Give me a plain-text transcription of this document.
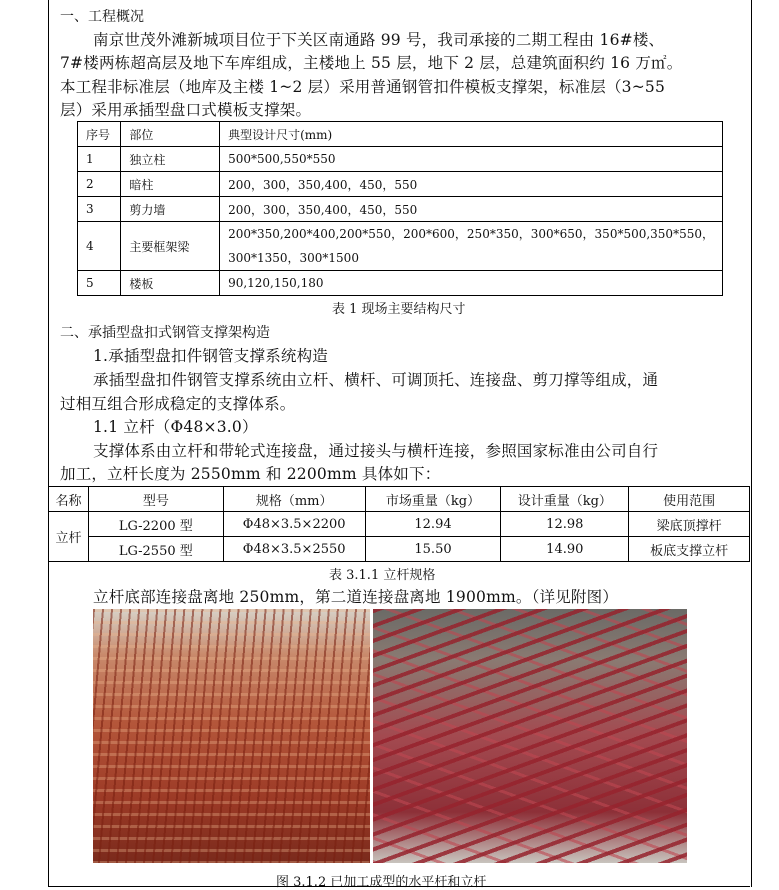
一、工程概况
南京世茂外滩新城项目位于下关区南通路 99 号，我司承接的二期工程由 16#楼、
7#楼两栋超高层及地下车库组成，主楼地上 55 层，地下 2 层，总建筑面积约 16 万㎡。
本工程非标准层（地库及主楼 1~2 层）采用普通钢管扣件模板支撑架，标准层（3~55
层）采用承插型盘口式模板支撑架。
序号	部位	典型设计尺寸(mm)
1	独立柱	500*500,550*550
2	暗柱	200，300，350,400，450，550
3	剪力墙	200，300，350,400，450，550
4	主要框架梁	200*350,200*400,200*550，200*600，250*350，300*650，350*500,350*550，
300*1350，300*1500

5	楼板	90,120,150,180
表 1 现场主要结构尺寸
二、承插型盘扣式钢管支撑架构造
1.承插型盘扣件钢管支撑系统构造
承插型盘扣件钢管支撑系统由立杆、横杆、可调顶托、连接盘、剪刀撑等组成，通
过相互组合形成稳定的支撑体系。
1.1 立杆（Φ48×3.0）
支撑体系由立杆和带轮式连接盘，通过接头与横杆连接，参照国家标准由公司自行
加工，立杆长度为 2550mm 和 2200mm 具体如下：
名称	型号	规格（mm）	市场重量（kg）	设计重量（kg）	使用范围
立杆	LG-2200 型	Φ48×3.5×2200	12.94	12.98	梁底顶撑杆
	LG-2550 型	Φ48×3.5×2550	15.50	14.90	板底支撑立杆
表 3.1.1 立杆规格
立杆底部连接盘离地 250mm，第二道连接盘离地 1900mm。（详见附图）
图 3.1.2 已加工成型的水平杆和立杆
